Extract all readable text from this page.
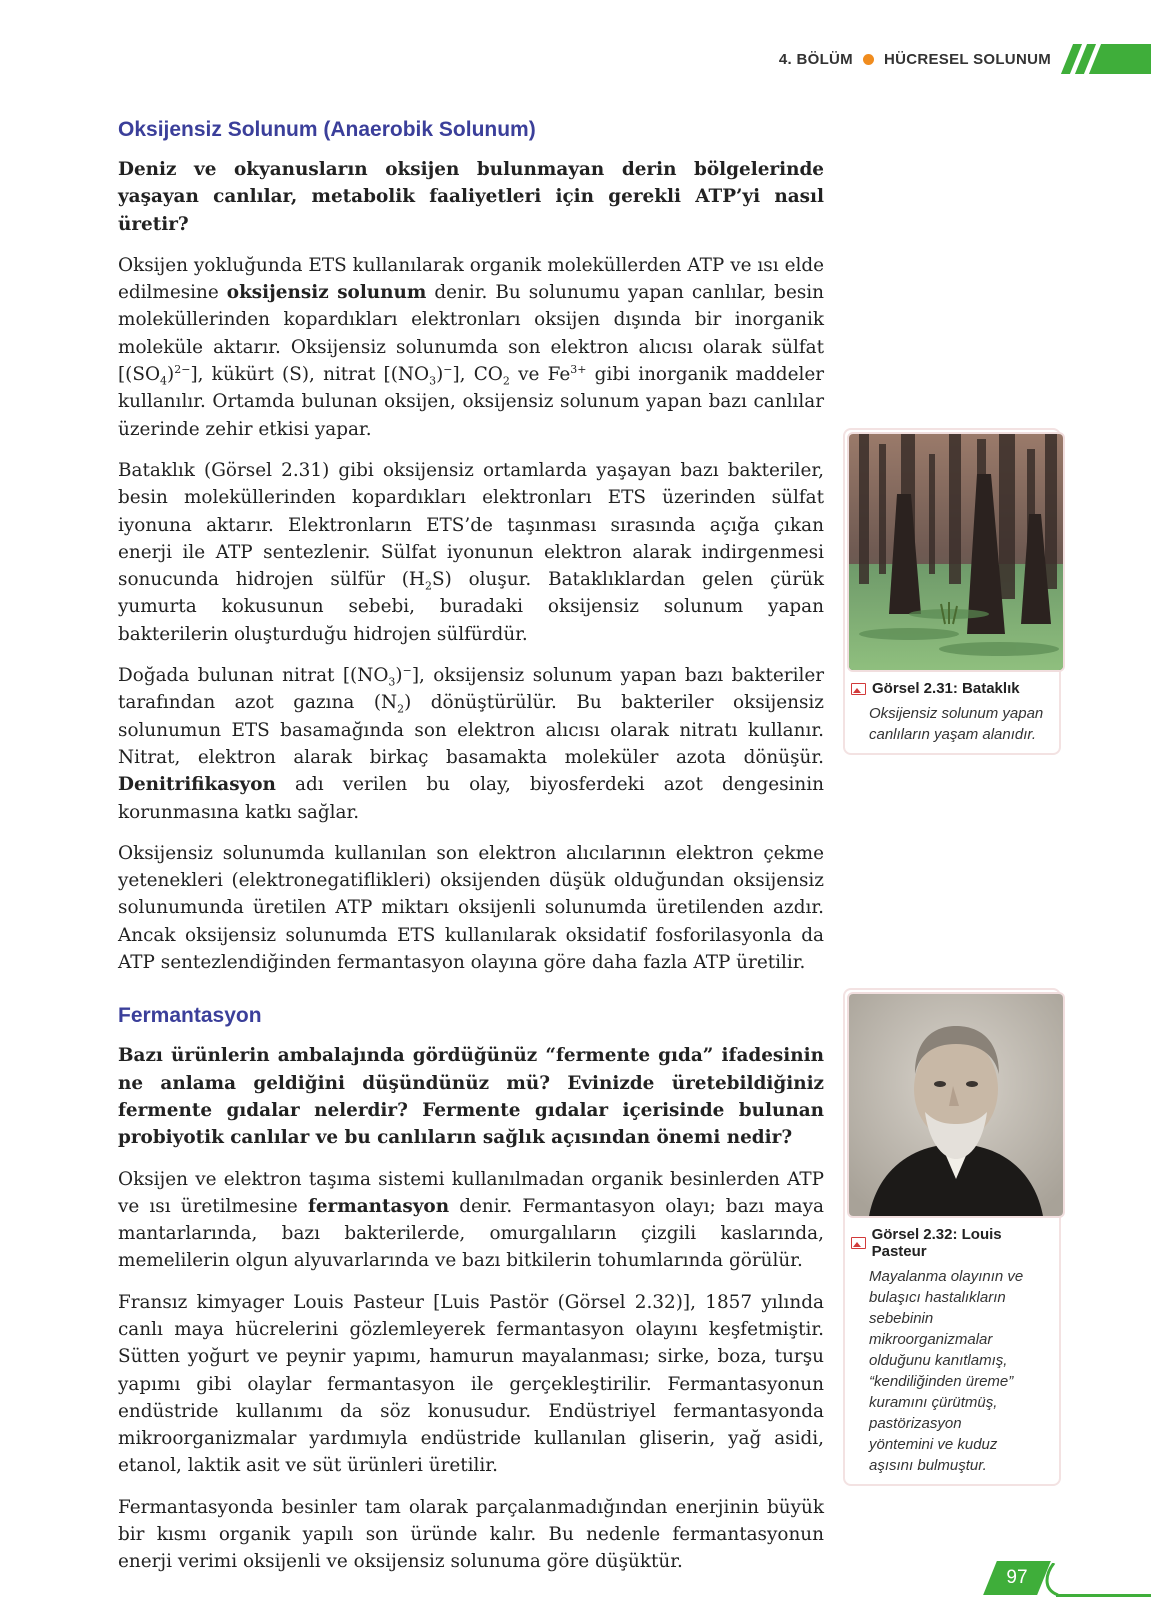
4. BÖLÜM HÜCRESEL SOLUNUM
Oksijensiz Solunum (Anaerobik Solunum)

Deniz ve okyanusların oksijen bulunmayan derin bölgelerinde yaşayan canlılar, metabolik faaliyetleri için gerekli ATP’yi nasıl üretir?

Oksijen yokluğunda ETS kullanılarak organik moleküllerden ATP ve ısı elde edilmesine oksijensiz solunum denir. Bu solunumu yapan canlılar, besin moleküllerinden kopardıkları elektronları oksijen dışında bir inorganik moleküle aktarır. Oksijensiz solunumda son elektron alıcısı olarak sülfat $[(SO_4)^{2-}]$, kükürt (S), nitrat $[(NO_3)^-]$, $CO_2$ ve $Fe^{3+}$ gibi inorganik maddeler kullanılır. Ortamda bulunan oksijen, oksijensiz solunum yapan bazı canlılar üzerinde zehir etkisi yapar.

Bataklık (Görsel 2.31) gibi oksijensiz ortamlarda yaşayan bazı bakteriler, besin moleküllerinden kopardıkları elektronları ETS üzerinden sülfat iyonuna aktarır. Elektronların ETS’de taşınması sırasında açığa çıkan enerji ile ATP sentezlenir. Sülfat iyonunun elektron alarak indirgenmesi sonucunda hidrojen sülfür $(H_2S)$ oluşur. Bataklıklardan gelen çürük yumurta kokusunun sebebi, buradaki oksijensiz solunum yapan bakterilerin oluşturduğu hidrojen sülfürdür.

Doğada bulunan nitrat $[(NO_3)^-]$, oksijensiz solunum yapan bazı bakteriler tarafından azot gazına $(N_2)$ dönüştürülür. Bu bakteriler oksijensiz solunumun ETS basamağında son elektron alıcısı olarak nitratı kullanır. Nitrat, elektron alarak birkaç basamakta moleküler azota dönüşür. Denitrifikasyon adı verilen bu olay, biyosferdeki azot dengesinin korunmasına katkı sağlar.

Oksijensiz solunumda kullanılan son elektron alıcılarının elektron çekme yetenekleri (elektronegatiflikleri) oksijenden düşük olduğundan oksijensiz solunumunda üretilen ATP miktarı oksijenli solunumda üretilenden azdır. Ancak oksijensiz solunumda ETS kullanılarak oksidatif fosforilasyonla da ATP sentezlendiğinden fermantasyon olayına göre daha fazla ATP üretilir.

Fermantasyon

Bazı ürünlerin ambalajında gördüğünüz “fermente gıda” ifadesinin ne anlama geldiğini düşündünüz mü? Evinizde üretebildiğiniz fermente gıdalar nelerdir? Fermente gıdalar içerisinde bulunan probiyotik canlılar ve bu canlıların sağlık açısından önemi nedir?

Oksijen ve elektron taşıma sistemi kullanılmadan organik besinlerden ATP ve ısı üretilmesine fermantasyon denir. Fermantasyon olayı; bazı maya mantarlarında, bazı bakterilerde, omurgalıların çizgili kaslarında, memelilerin olgun alyuvarlarında ve bazı bitkilerin tohumlarında görülür.

Fransız kimyager Louis Pasteur [Luis Pastör (Görsel 2.32)], 1857 yılında canlı maya hücrelerini gözlemleyerek fermantasyon olayını keşfetmiştir. Sütten yoğurt ve peynir yapımı, hamurun mayalanması; sirke, boza, turşu yapımı gibi olaylar fermantasyon ile gerçekleştirilir. Fermantasyonun endüstride kullanımı da söz konusudur. Endüstriyel fermantasyonda mikroorganizmalar yardımıyla endüstride kullanılan gliserin, yağ asidi, etanol, laktik asit ve süt ürünleri üretilir.

Fermantasyonda besinler tam olarak parçalanmadığından enerjinin büyük bir kısmı organik yapılı son üründe kalır. Bu nedenle fermantasyonun enerji verimi oksijenli ve oksijensiz solunuma göre düşüktür.

Görsel 2.31: Bataklık
Oksijensiz solunum yapan canlıların yaşam alanıdır.
Görsel 2.32: Louis Pasteur
Mayalanma olayının ve bulaşıcı hastalıkların sebebinin mikroorganizmalar olduğunu kanıtlamış, “kendiliğinden üreme” kuramını çürütmüş, pastörizasyon yöntemini ve kuduz aşısını bulmuştur.
97
